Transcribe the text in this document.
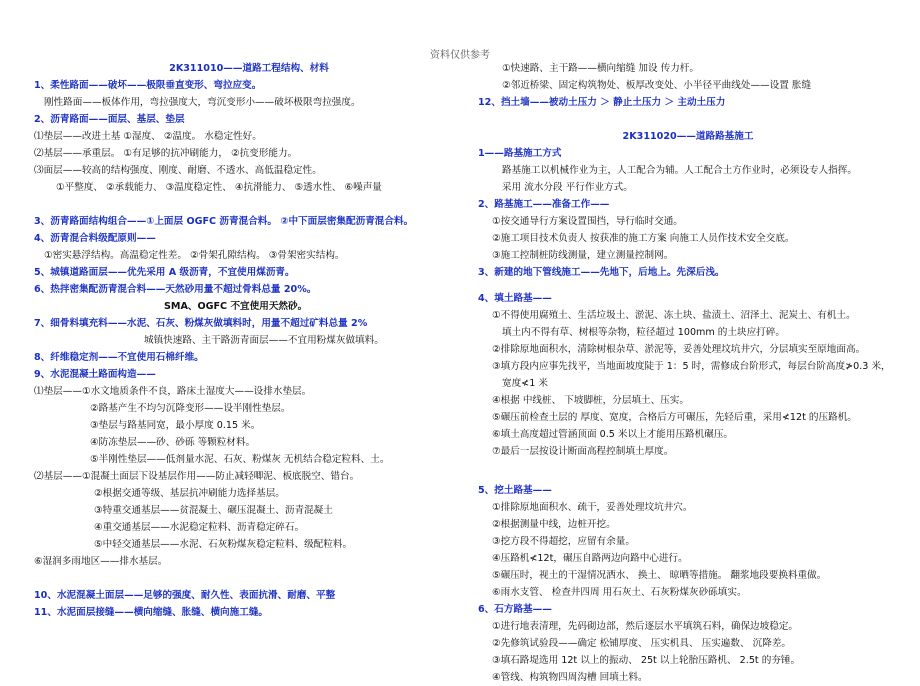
资料仅供参考
2K311010——道路工程结构、材料
1、柔性路面——破坏——极限垂直变形、弯拉应变。
刚性路面——板体作用，弯拉强度大，弯沉变形小——破坏极限弯拉强度。
2、沥青路面——面层、基层、垫层
⑴垫层——改进土基 ①湿度、 ②温度。 水稳定性好。
⑵基层——承重层。 ①有足够的抗冲刷能力， ②抗变形能力。
⑶面层——较高的结构强度、刚度、耐磨、不透水、高低温稳定性。
①平整度、 ②承载能力、 ③温度稳定性、 ④抗滑能力、 ⑤透水性、 ⑥噪声量
3、沥青路面结构组合——①上面层 OGFC 沥青混合料。 ②中下面层密集配沥青混合料。
4、沥青混合料级配原则——
①密实悬浮结构。高温稳定性差。 ②骨架孔隙结构。 ③骨架密实结构。
5、城镇道路面层——优先采用 A 级沥青，不宜使用煤沥青。
6、热拌密集配沥青混合料——天然砂用量不超过骨料总量 20%。
SMA、OGFC 不宜使用天然砂。
7、细骨料填充料——水泥、石灰、粉煤灰做填料时，用量不超过矿料总量 2%
城镇快速路、主干路沥青面层——不宜用粉煤灰做填料。
8、纤维稳定剂——不宜使用石棉纤维。
9、水泥混凝土路面构造——
⑴垫层——①水文地质条件不良，路床土湿度大——设排水垫层。
②路基产生不均匀沉降变形——设半刚性垫层。
③垫层与路基同宽，最小厚度 0.15 米。
④防冻垫层——砂、砂砾 等颗粒材料。
⑤半刚性垫层——低剂量水泥、石灰、粉煤灰 无机结合稳定粒料、土。
⑵基层——①混凝土面层下设基层作用——防止减轻唧泥、板底脱空、错台。
②根据交通等级、基层抗冲刷能力选择基层。
③特重交通基层——贫混凝土、碾压混凝土、沥青混凝土
④重交通基层——水泥稳定粒料、沥青稳定碎石。
⑤中轻交通基层——水泥、石灰粉煤灰稳定粒料、级配粒料。
⑥湿润多雨地区——排水基层。
10、水泥混凝土面层——足够的强度、耐久性、表面抗滑、耐磨、平整
11、水泥面层接缝——横向缩缝、胀缝、横向施工缝。
①快速路、主干路——横向缩缝 加设 传力杆。
②邻近桥梁、固定构筑物处、板厚改变处、小半径平曲线处——设置 胀缝
12、挡土墙——被动土压力 ＞ 静止土压力 ＞ 主动土压力
2K311020——道路路基施工
1——路基施工方式
路基施工以机械作业为主，人工配合为辅。人工配合土方作业时，必须设专人指挥。
采用 流水分段 平行作业方式。
2、路基施工——准备工作——
①按交通导行方案设置围挡，导行临时交通。
②施工项目技术负责人 按获准的施工方案 向施工人员作技术安全交底。
③施工控制桩防线测量，建立测量控制网。
3、新建的地下管线施工——先地下，后地上。先深后浅。
4、填土路基——
①不得使用腐殖土、生活垃圾土、淤泥、冻土块、盐渍土、沼泽土、泥炭土、有机土。
填土内不得有草、树根等杂物，粒径超过 100mm 的土块应打碎。
②排除原地面积水，清除树根杂草、淤泥等，妥善处理坟坑井穴，分层填实至原地面高。
③填方段内应事先找平，当地面坡度陡于 1：5 时，需修成台阶形式，每层台阶高度≯0.3 米，
宽度≮1 米
④根据 中线桩、 下坡脚桩，分层填土、压实。
⑤碾压前检查土层的 厚度、宽度，合格后方可碾压，先轻后重，采用≮12t 的压路机。
⑥填土高度超过管涵顶面 0.5 米以上才能用压路机碾压。
⑦最后一层按设计断面高程控制填土厚度。
5、挖土路基——
①排除原地面积水、疏干，妥善处理坟坑井穴。
②根据测量中线，边桩开挖。
③挖方段不得超挖，应留有余量。
④压路机≮12t，碾压自路两边向路中心进行。
⑤碾压时，视土的干湿情况洒水、 换土、 晾晒等措施。 翻浆地段要换料重做。
⑥雨水支管、 检查井四周 用石灰土、石灰粉煤灰砂砾填实。
6、石方路基——
①进行地表清理，先码砌边部，然后逐层水平填筑石料，确保边坡稳定。
②先修筑试验段——确定 松铺厚度、 压实机具、 压实遍数、 沉降差。
③填石路堤选用 12t 以上的振动、 25t 以上轮胎压路机、 2.5t 的夯锤。
④管线、构筑物四周沟槽 回填土料。
